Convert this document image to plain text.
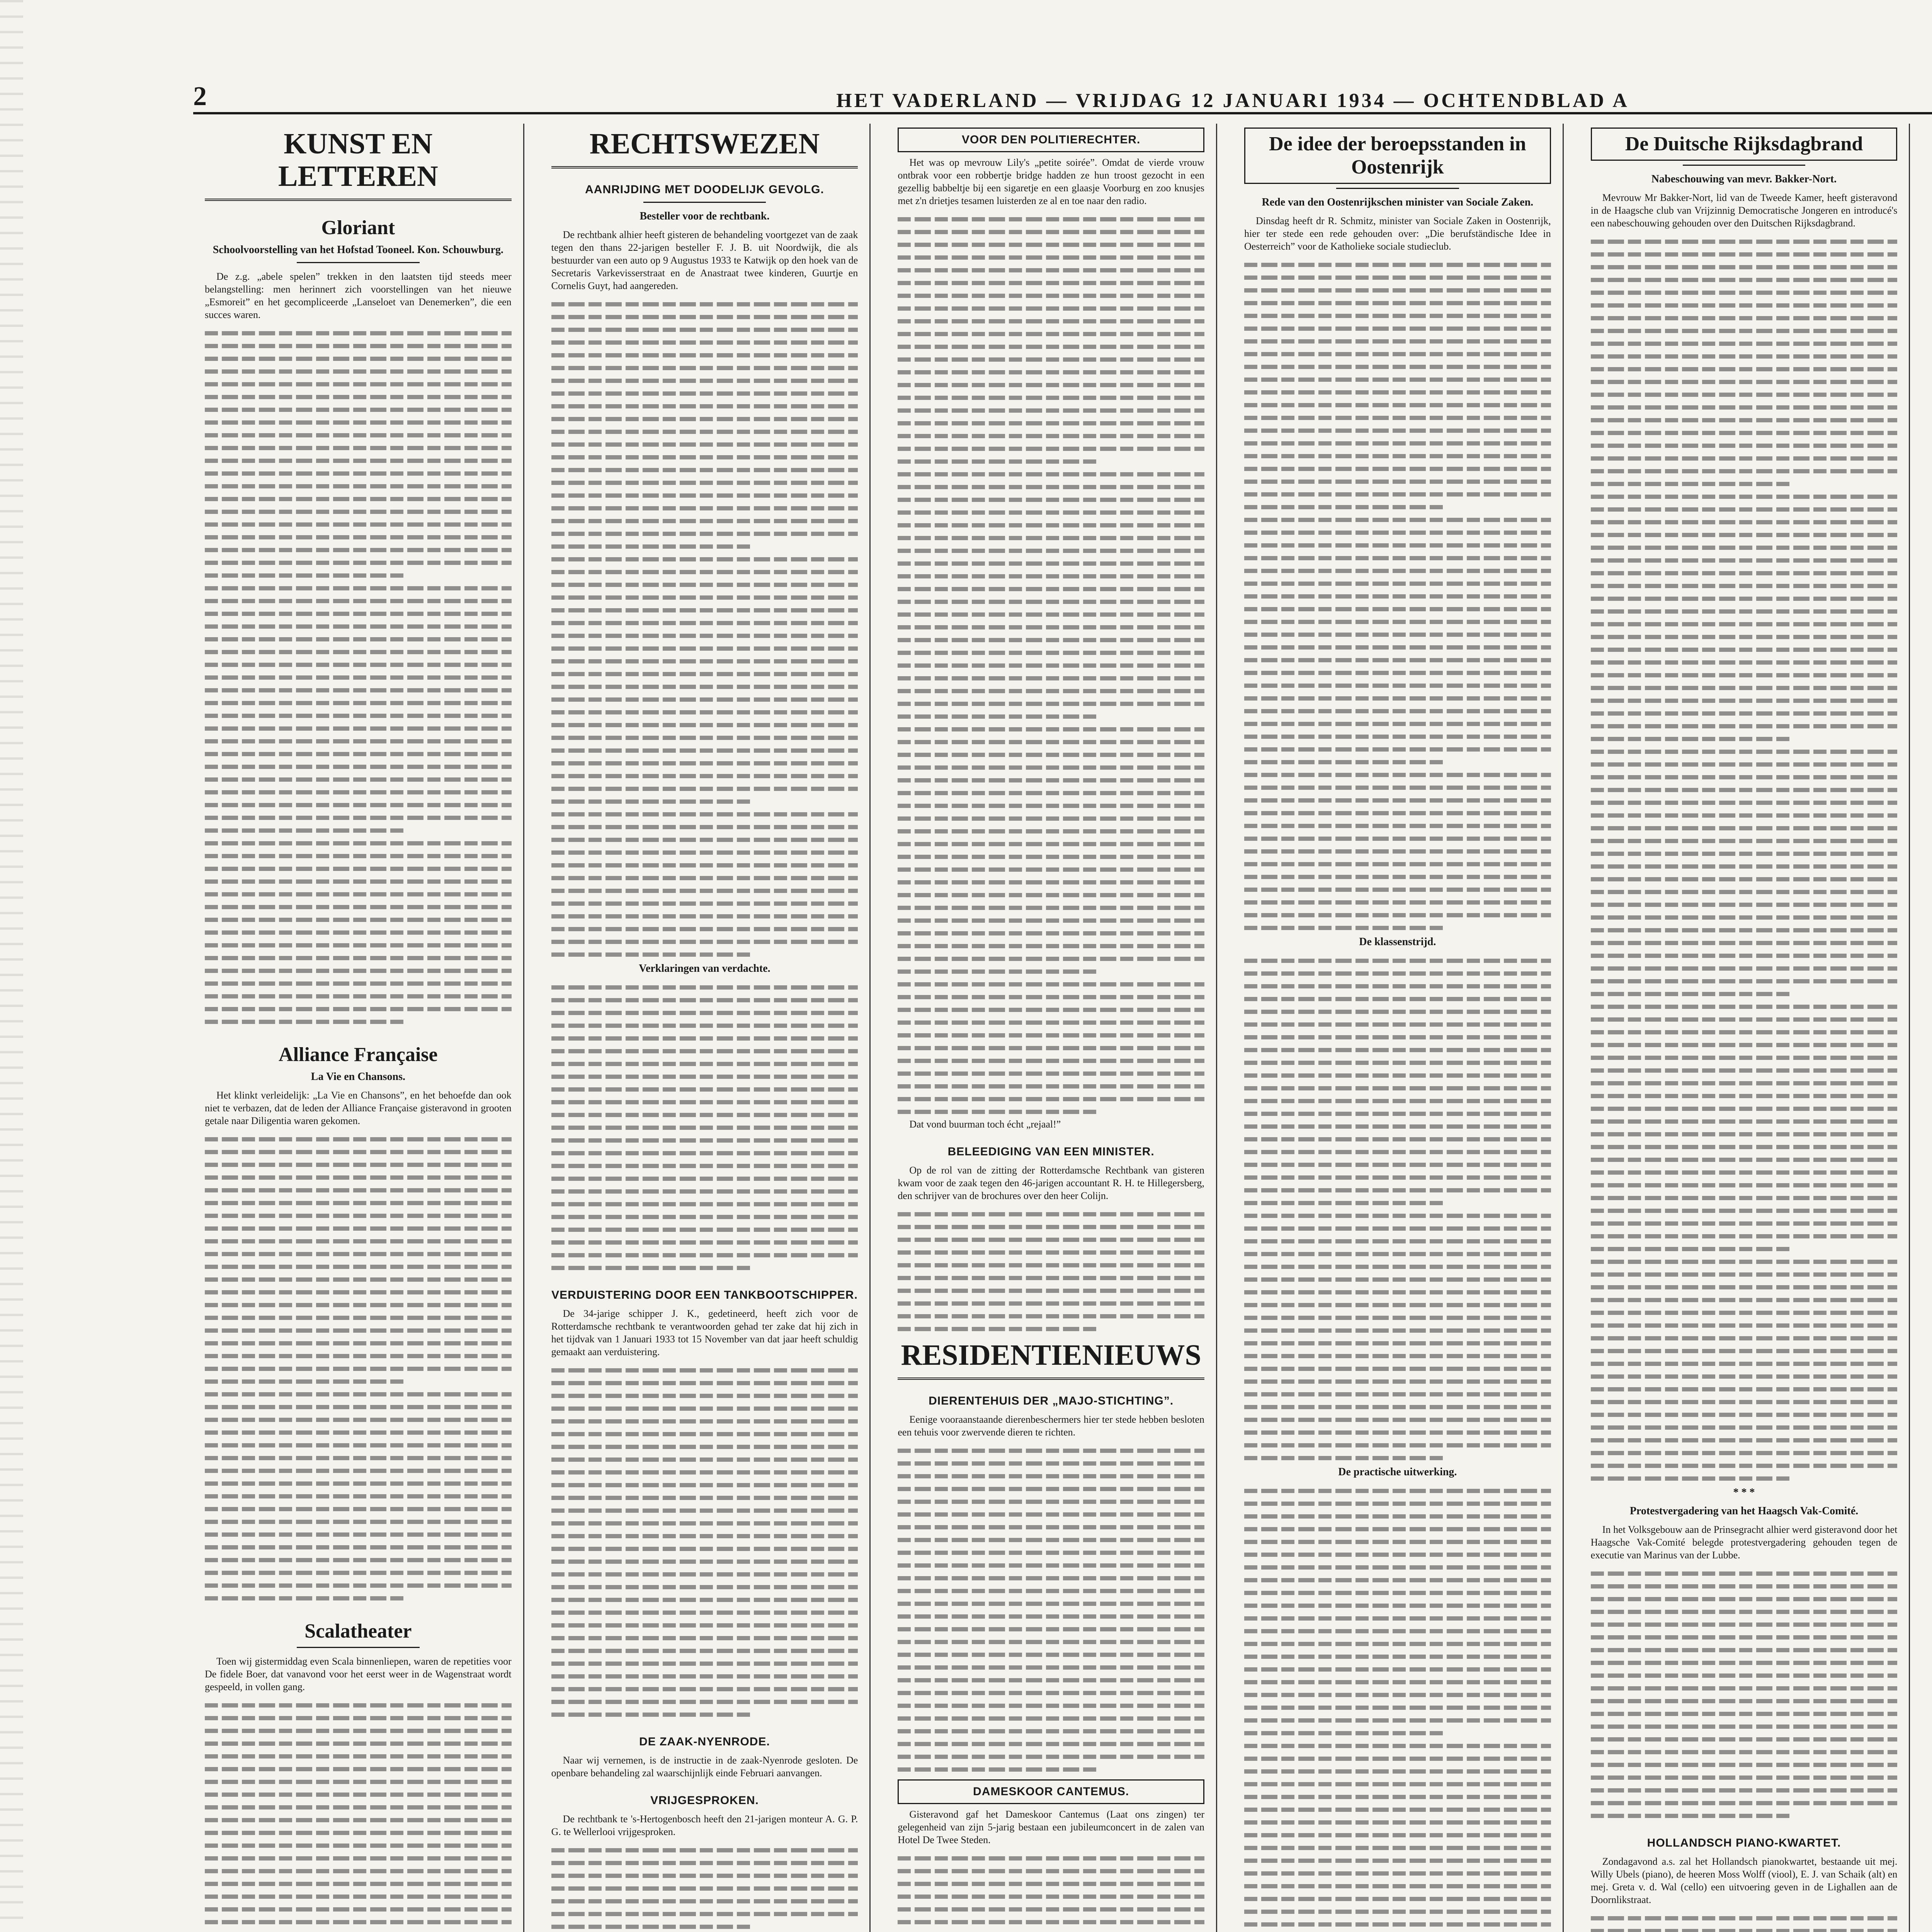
2	HET VADERLAND — VRIJDAG 12 JANUARI 1934 — OCHTENDBLAD A
KUNST EN LETTEREN
Gloriant
Schoolvoorstelling van het Hofstad Tooneel. Kon. Schouwburg.

De z.g. „abele spelen” trekken in den laatsten tijd steeds meer belangstelling: men herinnert zich voorstellingen van het nieuwe „Esmoreit” en het gecompliceerde „Lanseloet van Denemerken”, die een succes waren.

Alliance Française
La Vie en Chansons.

Het klinkt verleidelijk: „La Vie en Chansons”, en het behoefde dan ook niet te verbazen, dat de leden der Alliance Française gisteravond in grooten getale naar Diligentia waren gekomen.

Scalatheater

Toen wij gistermiddag even Scala binnenliepen, waren de repetities voor De fidele Boer, dat vanavond voor het eerst weer in de Wagenstraat wordt gespeeld, in vollen gang.

RECHTSWEZEN
AANRIJDING MET DOODELIJK GEVOLG.
Besteller voor de rechtbank.

De rechtbank alhier heeft gisteren de behandeling voortgezet van de zaak tegen den thans 22-jarigen besteller F. J. B. uit Noordwijk, die als bestuurder van een auto op 9 Augustus 1933 te Katwijk op den hoek van de Secretaris Varkevisserstraat en de Anastraat twee kinderen, Guurtje en Cornelis Guyt, had aangereden.

Verklaringen van verdachte.
VERDUISTERING DOOR EEN TANKBOOTSCHIPPER.

De 34-jarige schipper J. K., gedetineerd, heeft zich voor de Rotterdamsche rechtbank te verantwoorden gehad ter zake dat hij zich in het tijdvak van 1 Januari 1933 tot 15 November van dat jaar heeft schuldig gemaakt aan verduistering.

DE ZAAK-NYENRODE.

Naar wij vernemen, is de instructie in de zaak-Nyenrode gesloten. De openbare behandeling zal waarschijnlijk einde Februari aanvangen.

VRIJGESPROKEN.

De rechtbank te 's-Hertogenbosch heeft den 21-jarigen monteur A. G. P. G. te Wellerlooi vrijgesproken.

VOOR DEN POLITIERECHTER.

Het was op mevrouw Lily's „petite soirée”. Omdat de vierde vrouw ontbrak voor een robbertje bridge hadden ze hun troost gezocht in een gezellig babbeltje bij een sigaretje en een glaasje Voorburg en zoo knusjes met z'n drietjes tesamen luisterden ze al en toe naar den radio.

Dat vond buurman toch écht „rejaal!”

BELEEDIGING VAN EEN MINISTER.

Op de rol van de zitting der Rotterdamsche Rechtbank van gisteren kwam voor de zaak tegen den 46-jarigen accountant R. H. te Hillegersberg, den schrijver van de brochures over den heer Colijn.

RESIDENTIENIEUWS
DIERENTEHUIS DER „MAJO-STICHTING”.

Eenige vooraanstaande dierenbeschermers hier ter stede hebben besloten een tehuis voor zwervende dieren te richten.

DAMESKOOR CANTEMUS.

Gisteravond gaf het Dameskoor Cantemus (Laat ons zingen) ter gelegenheid van zijn 5-jarig bestaan een jubileumconcert in de zalen van Hotel De Twee Steden.

De idee der beroepsstanden in Oostenrijk
Rede van den Oostenrijkschen minister van Sociale Zaken.

Dinsdag heeft dr R. Schmitz, minister van Sociale Zaken in Oostenrijk, hier ter stede een rede gehouden over: „Die berufständische Idee in Oesterreich” voor de Katholieke sociale studieclub.

De klassenstrijd.
De practische uitwerking.

De Duitsche Rijksdagbrand
Nabeschouwing van mevr. Bakker-Nort.

Mevrouw Mr Bakker-Nort, lid van de Tweede Kamer, heeft gisteravond in de Haagsche club van Vrijzinnig Democratische Jongeren en introducé's een nabeschouwing gehouden over den Duitschen Rijksdagbrand.

* * *
Protestvergadering van het Haagsch Vak-Comité.

In het Volksgebouw aan de Prinsegracht alhier werd gisteravond door het Haagsche Vak-Comité belegde protestvergadering gehouden tegen de executie van Marinus van der Lubbe.

HOLLANDSCH PIANO-KWARTET.

Zondagavond a.s. zal het Hollandsch pianokwartet, bestaande uit mej. Willy Ubels (piano), de heeren Moss Wolff (viool), E. J. van Schaik (alt) en mej. Greta v. d. Wal (cello) een uitvoering geven in de Lighallen aan de Doornlikstraat.
